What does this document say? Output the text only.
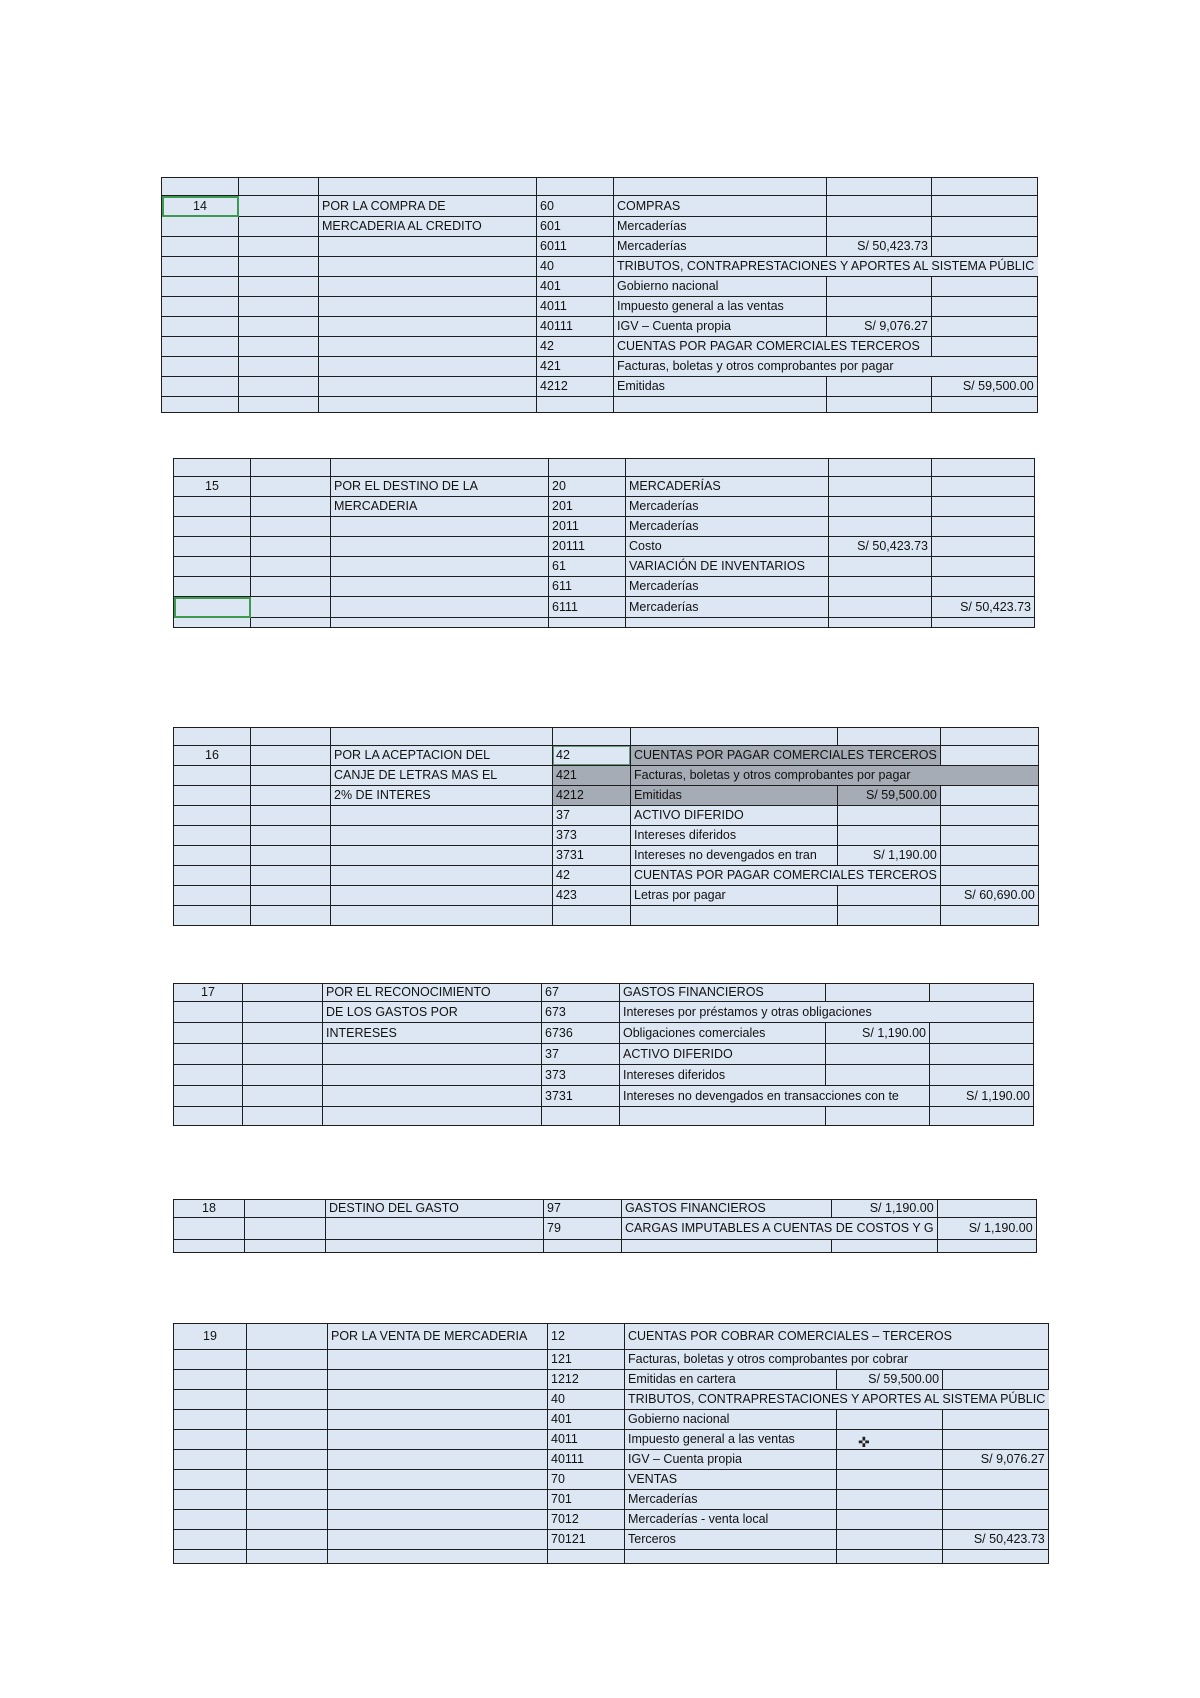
14		POR LA COMPRA DE	60	COMPRAS		
		MERCADERIA AL CREDITO	601	Mercaderías		
			6011	Mercaderías	S/ 50,423.73	
			40	TRIBUTOS, CONTRAPRESTACIONES Y APORTES AL SISTEMA PÚBLIC		
			401	Gobierno nacional		
			4011	Impuesto general a las ventas		
			40111	IGV – Cuenta propia	S/ 9,076.27	
			42	CUENTAS POR PAGAR COMERCIALES TERCEROS		
			421	Facturas, boletas y otros comprobantes por pagar		
			4212	Emitidas		S/ 59,500.00

15		POR EL DESTINO DE LA	20	MERCADERÍAS		
		MERCADERIA	201	Mercaderías		
			2011	Mercaderías		
			20111	Costo	S/ 50,423.73	
			61	VARIACIÓN DE INVENTARIOS		
			611	Mercaderías		
			6111	Mercaderías		S/ 50,423.73

16		POR LA ACEPTACION DEL	42	CUENTAS POR PAGAR COMERCIALES TERCEROS		
		CANJE DE LETRAS MAS EL	421	Facturas, boletas y otros comprobantes por pagar		
		2% DE INTERES	4212	Emitidas	S/ 59,500.00	
			37	ACTIVO DIFERIDO		
			373	Intereses diferidos		
			3731	Intereses no devengados en tran	S/ 1,190.00	
			42	CUENTAS POR PAGAR COMERCIALES TERCEROS		
			423	Letras por pagar		S/ 60,690.00

17		POR EL RECONOCIMIENTO	67	GASTOS FINANCIEROS		
		DE LOS GASTOS POR	673	Intereses por préstamos y otras obligaciones		
		INTERESES	6736	Obligaciones comerciales	S/ 1,190.00	
			37	ACTIVO DIFERIDO		
			373	Intereses diferidos		
			3731	Intereses no devengados en transacciones con te		S/ 1,190.00

18		DESTINO DEL GASTO	97	GASTOS FINANCIEROS	S/ 1,190.00	
			79	CARGAS IMPUTABLES A CUENTAS DE COSTOS Y G		S/ 1,190.00

19		POR LA VENTA DE MERCADERIA	12	CUENTAS POR COBRAR COMERCIALES – TERCEROS		
			121	Facturas, boletas y otros comprobantes por cobrar		
			1212	Emitidas en cartera	S/ 59,500.00	
			40	TRIBUTOS, CONTRAPRESTACIONES Y APORTES AL SISTEMA PÚBLIC		
			401	Gobierno nacional		
			4011	Impuesto general a las ventas		
			40111	IGV – Cuenta propia		S/ 9,076.27
			70	VENTAS		
			701	Mercaderías		
			7012	Mercaderías - venta local		
			70121	Terceros		S/ 50,423.73

✜
